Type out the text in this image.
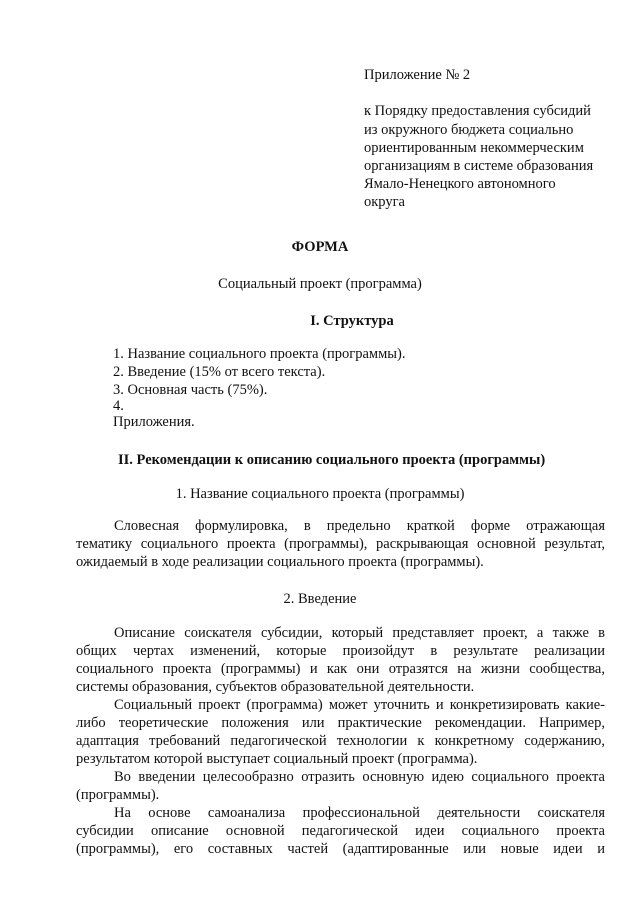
Приложение № 2
к Порядку предоставления субсидий
из окружного бюджета социально
ориентированным некоммерческим
организациям в системе образования
Ямало-Ненецкого автономного
округа
ФОРМА
Социальный проект (программа)
I. Структура
1. Название социального проекта (программы).
2. Введение (15% от всего текста).
3. Основная часть (75%).
4.
Приложения.
II. Рекомендации к описанию социального проекта (программы)
1. Название социального проекта (программы)
Словесная формулировка, в предельно краткой форме отражающая
тематику социального проекта (программы), раскрывающая основной результат,
ожидаемый в ходе реализации социального проекта (программы).
2. Введение
Описание соискателя субсидии, который представляет проект, а также в
общих чертах изменений, которые произойдут в результате реализации
социального проекта (программы) и как они отразятся на жизни сообщества,
системы образования, субъектов образовательной деятельности.
Социальный проект (программа) может уточнить и конкретизировать какие-
либо теоретические положения или практические рекомендации. Например,
адаптация требований педагогической технологии к конкретному содержанию,
результатом которой выступает социальный проект (программа).
Во введении целесообразно отразить основную идею социального проекта
(программы).
На основе самоанализа профессиональной деятельности соискателя
субсидии описание основной педагогической идеи социального проекта
(программы), его составных частей (адаптированные или новые идеи и
